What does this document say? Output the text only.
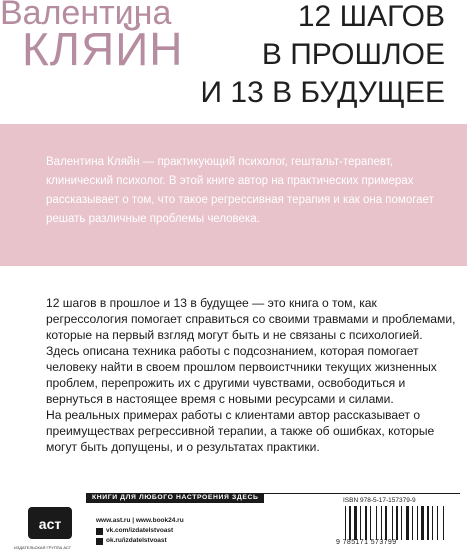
Валентина
КЛЯЙН
12 ШАГОВ
В ПРОШЛОЕ
И 13 В БУДУЩЕЕ
Валентина Кляйн — практикующий психолог, гештальт-терапевт, клинический психолог. В этой книге автор на практических примерах рассказывает о том, что такое регрессивная терапия и как она помогает решать различные проблемы человека.

12 шагов в прошлое и 13 в будущее — это книга о том, как регрессология помогает справиться со своими травмами и проблемами, которые на первый взгляд могут быть и не связаны с психологией.

Здесь описана техника работы с подсознанием, которая помогает человеку найти в своем прошлом первоистчники текущих жизненных проблем, перепрожить их с другими чувствами, освободиться и вернуться в настоящее время с новыми ресурсами и силами.

На реальных примерах работы с клиентами автор рассказывает о преимуществах регрессивной терапии, а также об ошибках, которые могут быть допущены, и о результатах практики.

КНИГИ ДЛЯ ЛЮБОГО НАСТРОЕНИЯ ЗДЕСЬ
аст
ИЗДАТЕЛЬСКАЯ ГРУППА АСТ
www.ast.ru | www.book24.ru
vk.com/izdatelstvoast
ok.ru/izdatelstvoast
ISBN 978-5-17-157379-9
9 785171 573799
